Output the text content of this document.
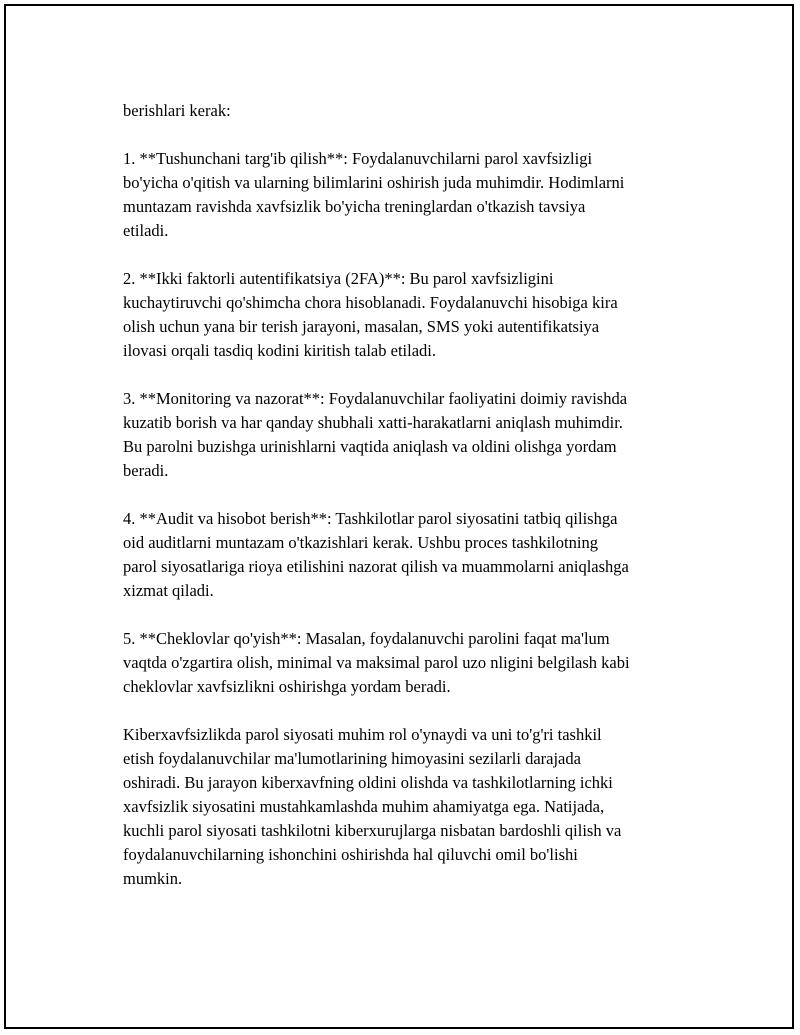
berishlari kerak:

1. **Tushunchani targ'ib qilish**: Foydalanuvchilarni parol xavfsizligi
bo'yicha o'qitish va ularning bilimlarini oshirish juda muhimdir. Hodimlarni
muntazam ravishda xavfsizlik bo'yicha treninglardan o'tkazish tavsiya
etiladi.

2. **Ikki faktorli autentifikatsiya (2FA)**: Bu parol xavfsizligini
kuchaytiruvchi qo'shimcha chora hisoblanadi. Foydalanuvchi hisobiga kira
olish uchun yana bir terish jarayoni, masalan, SMS yoki autentifikatsiya
ilovasi orqali tasdiq kodini kiritish talab etiladi.

3. **Monitoring va nazorat**: Foydalanuvchilar faoliyatini doimiy ravishda
kuzatib borish va har qanday shubhali xatti-harakatlarni aniqlash muhimdir.
Bu parolni buzishga urinishlarni vaqtida aniqlash va oldini olishga yordam
beradi.

4. **Audit va hisobot berish**: Tashkilotlar parol siyosatini tatbiq qilishga
oid auditlarni muntazam o'tkazishlari kerak. Ushbu proces tashkilotning
parol siyosatlariga rioya etilishini nazorat qilish va muammolarni aniqlashga
xizmat qiladi.

5. **Cheklovlar qo'yish**: Masalan, foydalanuvchi parolini faqat ma'lum
vaqtda o'zgartira olish, minimal va maksimal parol uzo nligini belgilash kabi
cheklovlar xavfsizlikni oshirishga yordam beradi.

Kiberxavfsizlikda parol siyosati muhim rol o'ynaydi va uni to'g'ri tashkil
etish foydalanuvchilar ma'lumotlarining himoyasini sezilarli darajada
oshiradi. Bu jarayon kiberxavfning oldini olishda va tashkilotlarning ichki
xavfsizlik siyosatini mustahkamlashda muhim ahamiyatga ega. Natijada,
kuchli parol siyosati tashkilotni kiberxurujlarga nisbatan bardoshli qilish va
foydalanuvchilarning ishonchini oshirishda hal qiluvchi omil bo'lishi
mumkin.
